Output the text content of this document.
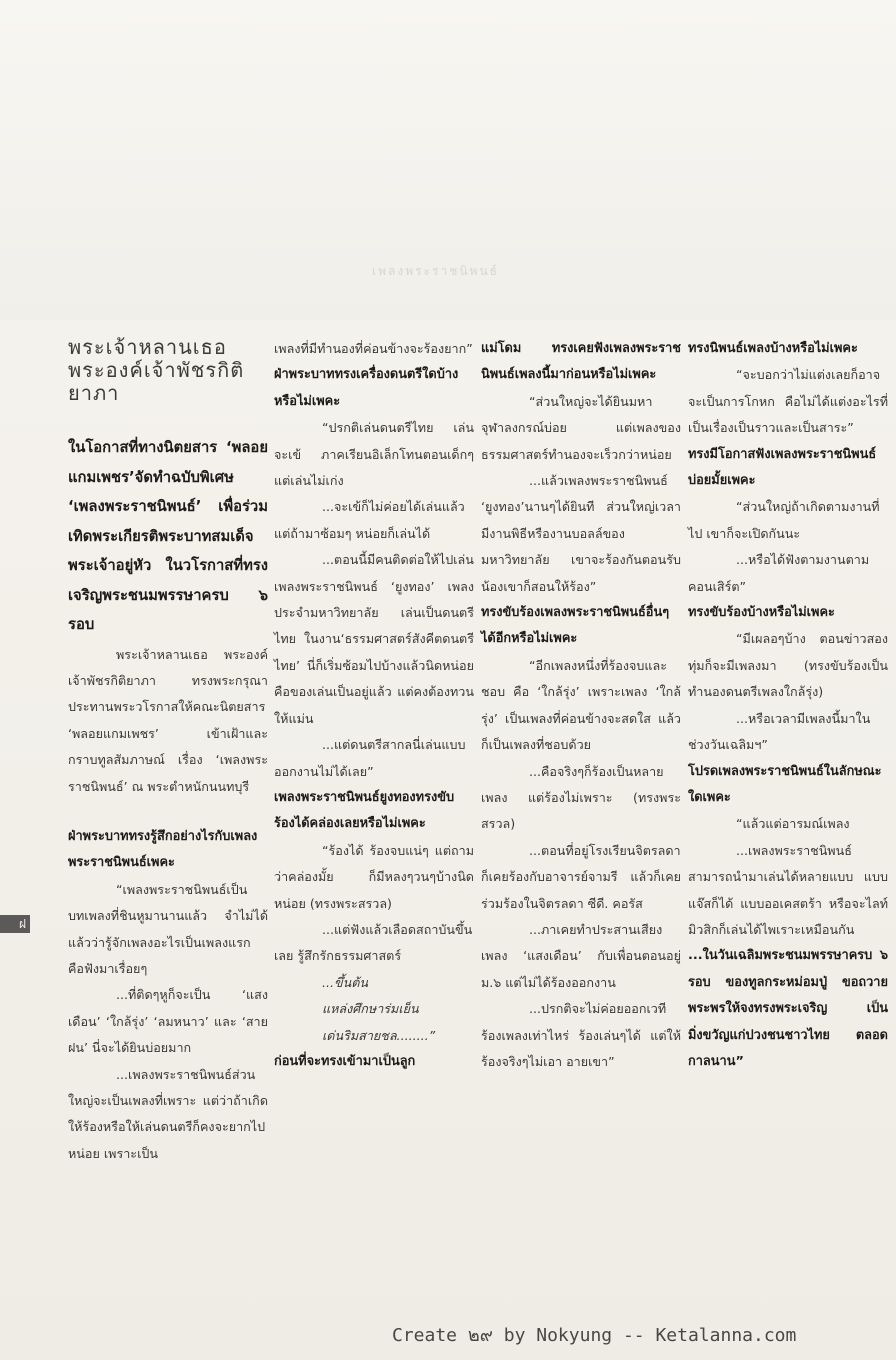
เพลงพระราชนิพนธ์

พระเจ้าหลานเธอ พระองค์เจ้าพัชรกิติยาภา

ในโอกาสที่ทางนิตยสาร ‘พลอยแกมเพชร’จัดทำฉบับพิเศษ ‘เพลงพระราชนิพนธ์’ เพื่อร่วมเทิดพระเกียรติพระบาทสมเด็จพระเจ้าอยู่หัว ในวโรกาสที่ทรงเจริญพระชนมพรรษาครบ ๖ รอบ

พระเจ้าหลานเธอ พระองค์เจ้าพัชรกิติยาภา ทรงพระกรุณาประทานพระวโรกาสให้คณะนิตยสาร ‘พลอยแกมเพชร’ เข้าเฝ้าและกราบทูลสัมภาษณ์ เรื่อง ‘เพลงพระราชนิพนธ์’ ณ พระตำหนักนนทบุรี

ฝ่าพระบาททรงรู้สึกอย่างไรกับเพลงพระราชนิพนธ์เพคะ

“เพลงพระราชนิพนธ์เป็นบทเพลงที่ชินหูมานานแล้ว จำไม่ได้แล้วว่ารู้จักเพลงอะไรเป็นเพลงแรก คือฟังมาเรื่อยๆ

...ที่ติดๆหูก็จะเป็น ‘แสงเดือน’ ‘ใกล้รุ่ง’ ‘ลมหนาว’ และ ‘สายฝน’ นี่จะได้ยินบ่อยมาก

...เพลงพระราชนิพนธ์ส่วนใหญ่จะเป็นเพลงที่เพราะ แต่ว่าถ้าเกิดให้ร้องหรือให้เล่นดนตรีก็คงจะยากไปหน่อย เพราะเป็น

เพลงที่มีทำนองที่ค่อนข้างจะร้องยาก”

ฝ่าพระบาททรงเครื่องดนตรีใดบ้างหรือไม่เพคะ

“ปรกติเล่นดนตรีไทย เล่นจะเข้ ภาคเรียนอิเล็กโทนตอนเด็กๆ แต่เล่นไม่เก่ง

...จะเข้ก็ไม่ค่อยได้เล่นแล้ว แต่ถ้ามาซ้อมๆ หน่อยก็เล่นได้

...ตอนนี้มีคนติดต่อให้ไปเล่นเพลงพระราชนิพนธ์ ‘ยูงทอง’ เพลงประจำมหาวิทยาลัย เล่นเป็นดนตรีไทย ในงาน‘ธรรมศาสตร์สังคีตดนตรีไทย’ นี่ก็เริ่มซ้อมไปบ้างแล้วนิดหน่อย คือของเล่นเป็นอยู่แล้ว แต่คงต้องทวนให้แม่น

...แต่ดนตรีสากลนี่เล่นแบบออกงานไม่ได้เลย”

เพลงพระราชนิพนธ์ยูงทองทรงขับร้องได้คล่องเลยหรือไม่เพคะ

“ร้องได้ ร้องจบแน่ๆ แต่ถามว่าคล่องมั้ย ก็มีหลงๆวนๆบ้างนิดหน่อย (ทรงพระสรวล)

...แต่ฟังแล้วเลือดสถาบันขึ้นเลย รู้สึกรักธรรมศาสตร์

...ขึ้นต้น

แหล่งศึกษาร่มเย็น

เด่นริมสายชล........”

ก่อนที่จะทรงเข้ามาเป็นลูก

แม่โดม ทรงเคยฟังเพลงพระราชนิพนธ์เพลงนี้มาก่อนหรือไม่เพคะ

“ส่วนใหญ่จะได้ยินมหาจุฬาลงกรณ์บ่อย แต่เพลงของธรรมศาสตร์ทำนองจะเร็วกว่าหน่อย

...แล้วเพลงพระราชนิพนธ์ ‘ยูงทอง’นานๆได้ยินที ส่วนใหญ่เวลามีงานพิธีหรืองานบอลล์ของมหาวิทยาลัย เขาจะร้องกันตอนรับน้องเขาก็สอนให้ร้อง”

ทรงขับร้องเพลงพระราชนิพนธ์อื่นๆได้อีกหรือไม่เพคะ

“อีกเพลงหนึ่งที่ร้องจบและชอบ คือ ‘ใกล้รุ่ง’ เพราะเพลง ‘ใกล้รุ่ง’ เป็นเพลงที่ค่อนข้างจะสดใส แล้วก็เป็นเพลงที่ชอบด้วย

...คือจริงๆก็ร้องเป็นหลายเพลง แต่ร้องไม่เพราะ (ทรงพระสรวล)

...ตอนที่อยู่โรงเรียนจิตรลดาก็เคยร้องกับอาจารย์จามรี แล้วก็เคยร่วมร้องในจิตรลดา ซีดี. คอรัส

...ภาเคยทำประสานเสียงเพลง ‘แสงเดือน’ กับเพื่อนตอนอยู่ ม.๖ แต่ไม่ได้ร้องออกงาน

...ปรกติจะไม่ค่อยออกเวทีร้องเพลงเท่าไหร่ ร้องเล่นๆได้ แต่ให้ร้องจริงๆไม่เอา อายเขา”

ทรงนิพนธ์เพลงบ้างหรือไม่เพคะ

“จะบอกว่าไม่แต่งเลยก็อาจจะเป็นการโกหก คือไม่ได้แต่งอะไรที่เป็นเรื่องเป็นราวและเป็นสาระ”

ทรงมีโอกาสฟังเพลงพระราชนิพนธ์บ่อยมั้ยเพคะ

“ส่วนใหญ่ถ้าเกิดตามงานที่ไป เขาก็จะเปิดกันนะ

...หรือได้ฟังตามงานตามคอนเสิร์ต”

ทรงขับร้องบ้างหรือไม่เพคะ

“มีเผลอๆบ้าง ตอนข่าวสองทุ่มก็จะมีเพลงมา (ทรงขับร้องเป็นทำนองดนตรีเพลงใกล้รุ่ง)

...หรือเวลามีเพลงนี้มาในช่วงวันเฉลิมฯ”

โปรดเพลงพระราชนิพนธ์ในลักษณะใดเพคะ

“แล้วแต่อารมณ์เพลง

...เพลงพระราชนิพนธ์สามารถนำมาเล่นได้หลายแบบ แบบแจ๊สก็ได้ แบบออเคสตร้า หรือจะไลท์มิวสิกก็เล่นได้ไพเราะเหมือนกัน

...ในวันเฉลิมพระชนมพรรษาครบ ๖ รอบ ของทูลกระหม่อมปู่ ขอถวายพระพรให้จงทรงพระเจริญ เป็นมิ่งขวัญแก่ปวงชนชาวไทย ตลอดกาลนาน”

ฝ
Create ๒๙ by Nokyung -- Ketalanna.com
